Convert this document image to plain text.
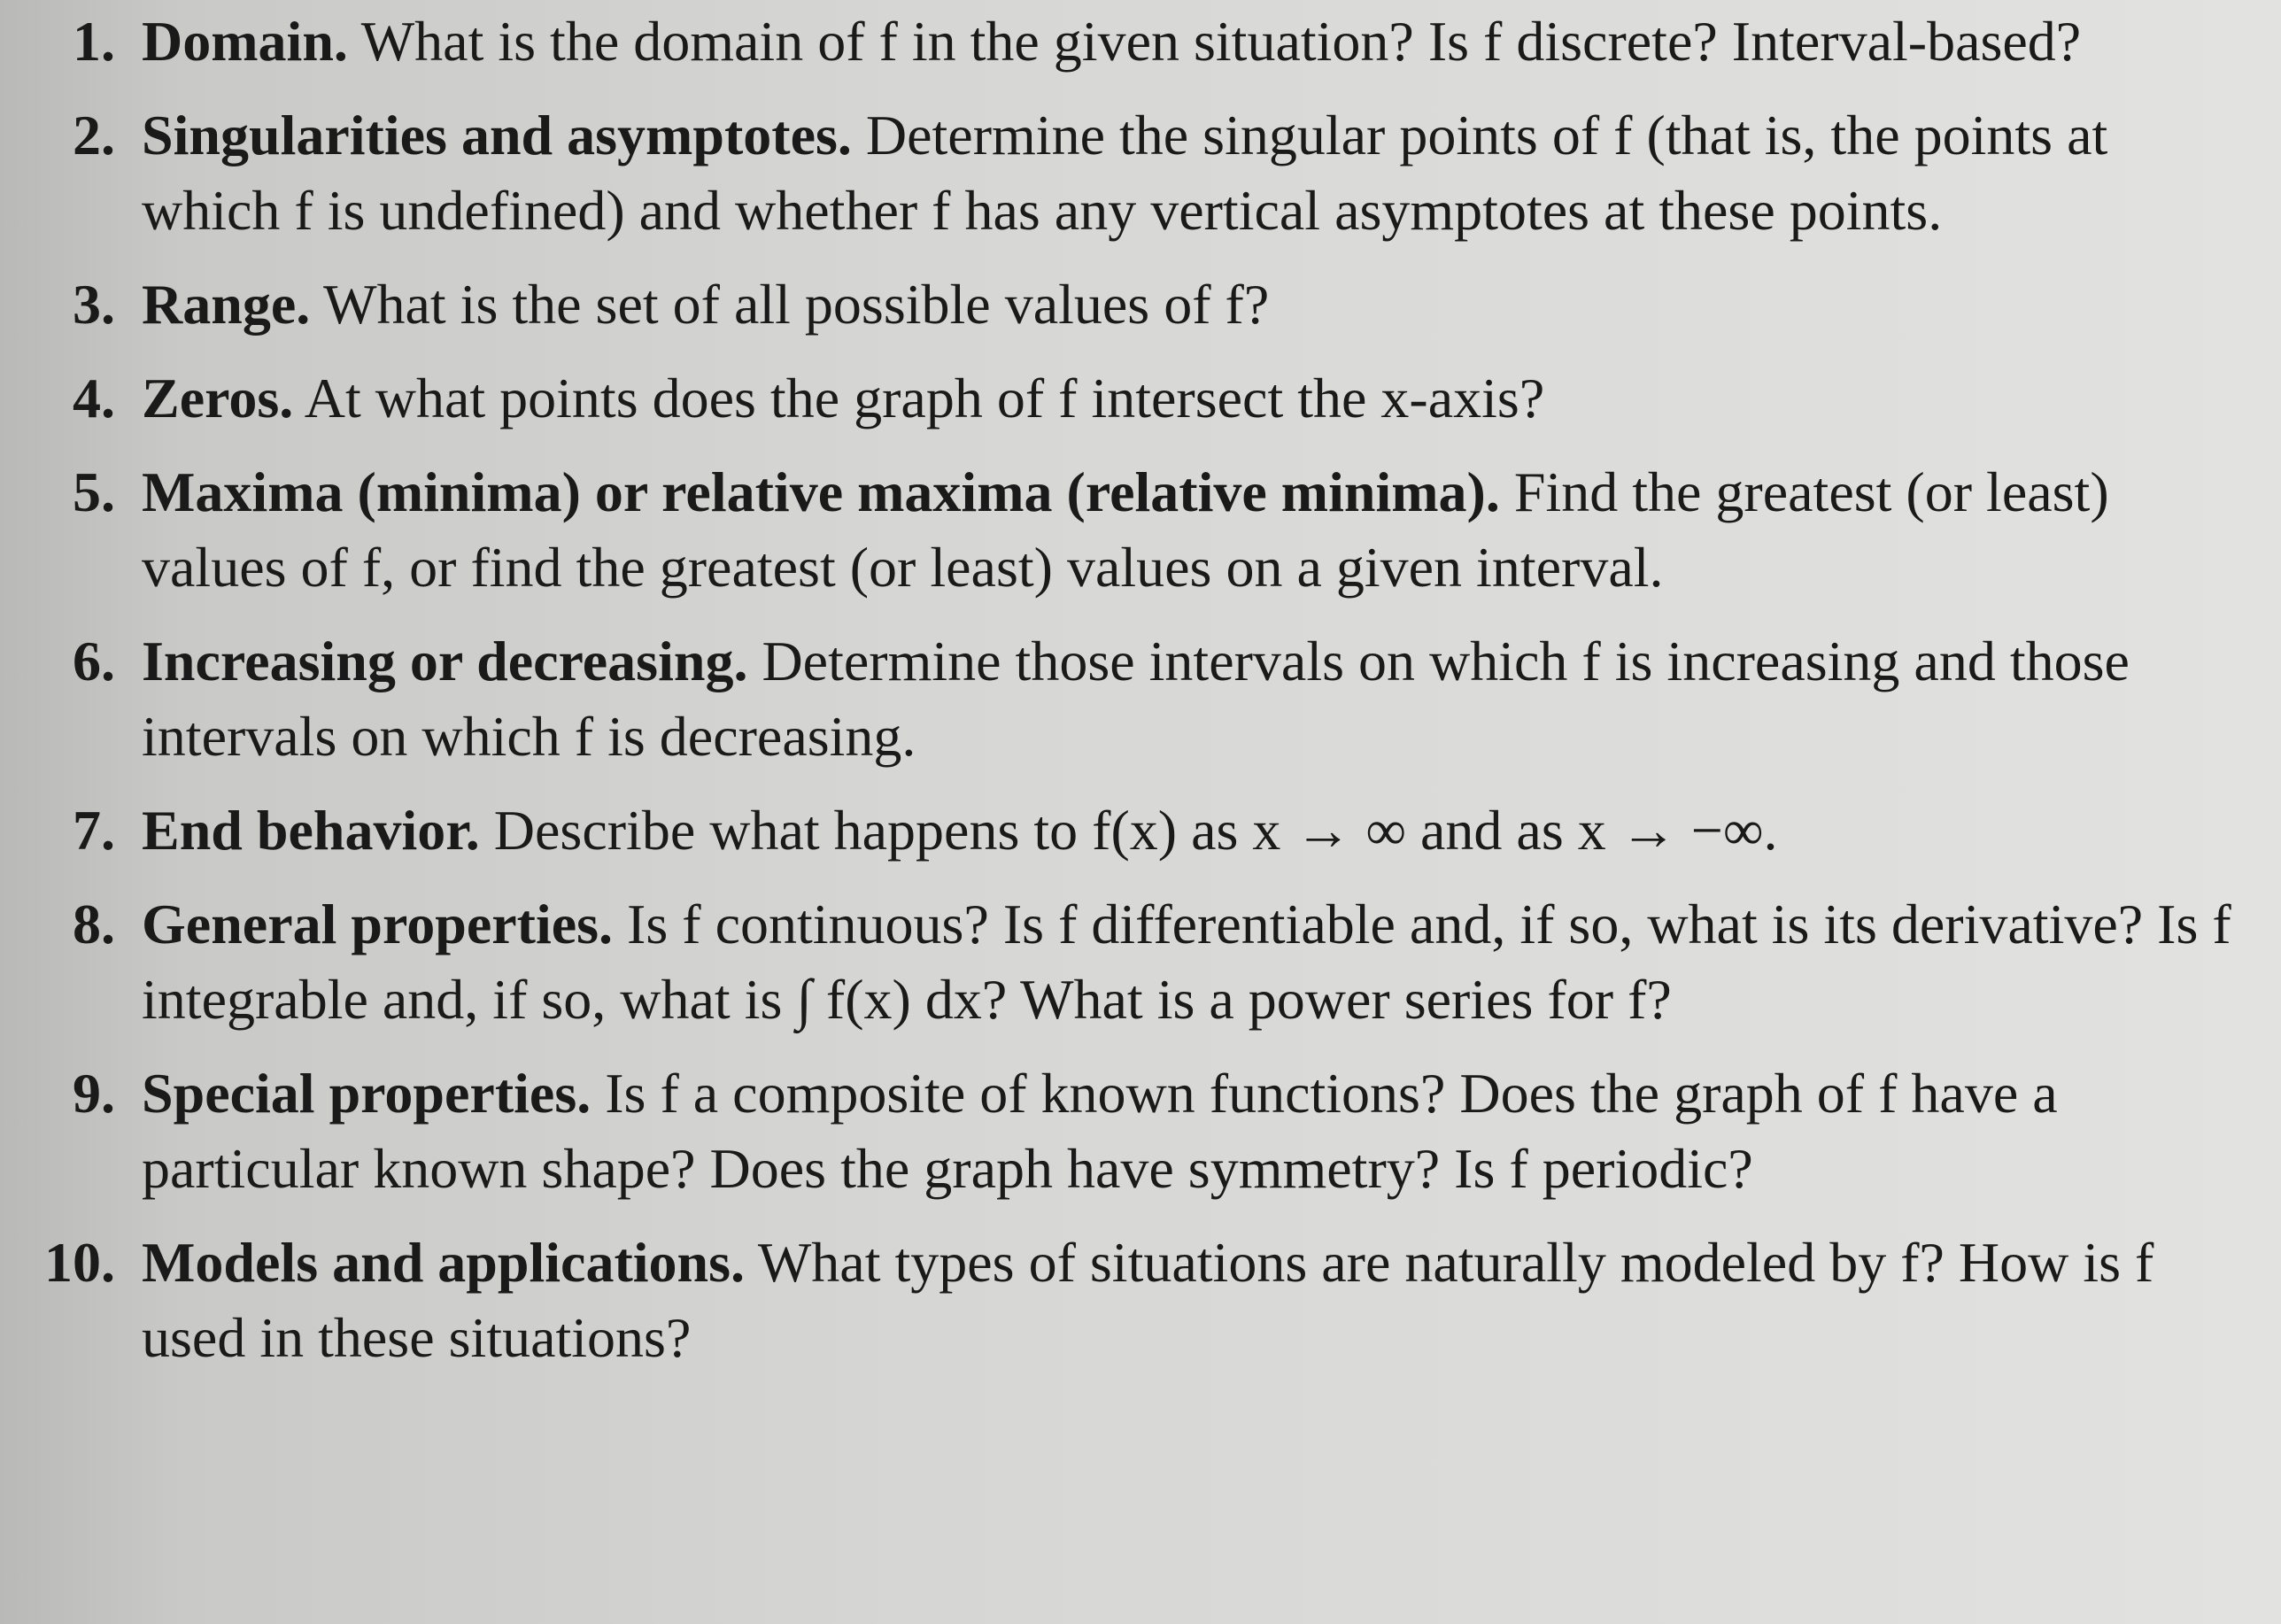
1. Domain. What is the domain of f in the given situation? Is f discrete? Interval-based?
2. Singularities and asymptotes. Determine the singular points of f (that is, the points at which f is undefined) and whether f has any vertical asymptotes at these points.
3. Range. What is the set of all possible values of f?
4. Zeros. At what points does the graph of f intersect the x-axis?
5. Maxima (minima) or relative maxima (relative minima). Find the greatest (or least) values of f, or find the greatest (or least) values on a given interval.
6. Increasing or decreasing. Determine those intervals on which f is increasing and those intervals on which f is decreasing.
7. End behavior. Describe what happens to f(x) as x → ∞ and as x → −∞.
8. General properties. Is f continuous? Is f differentiable and, if so, what is its derivative? Is f integrable and, if so, what is ∫ f(x) dx? What is a power series for f?
9. Special properties. Is f a composite of known functions? Does the graph of f have a particular known shape? Does the graph have symmetry? Is f periodic?
10. Models and applications. What types of situations are naturally modeled by f? How is f used in these situations?
